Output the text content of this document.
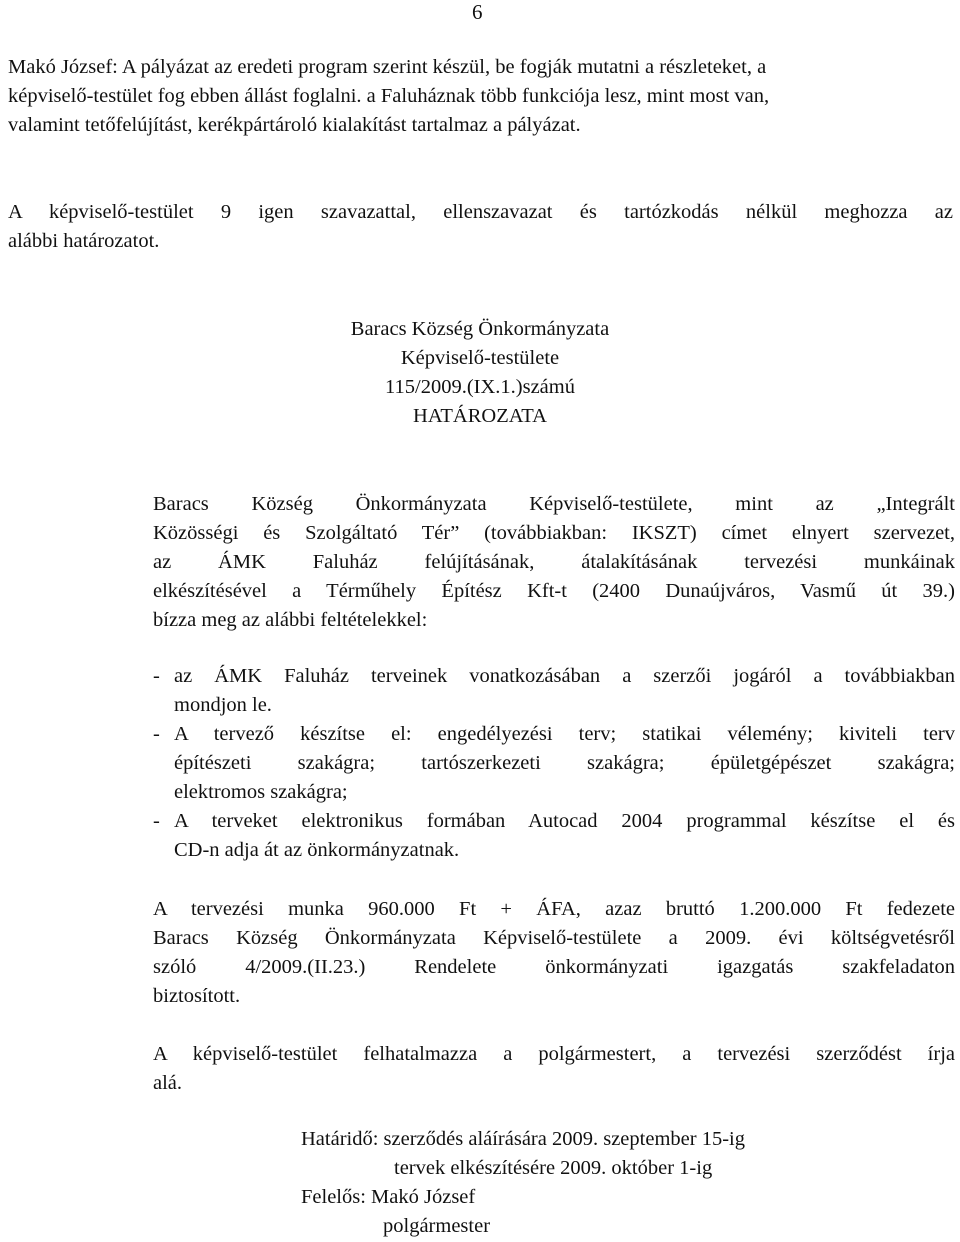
6

Makó József: A pályázat az eredeti program szerint készül, be fogják mutatni a részleteket, a
képviselő-testület fog ebben állást foglalni. a Faluháznak több funkciója lesz, mint most van,
valamint tetőfelújítást, kerékpártároló kialakítást tartalmaz a pályázat.

A képviselő-testület 9 igen szavazattal, ellenszavazat és tartózkodás nélkül meghozza az
alábbi határozatot.

Baracs Község Önkormányzata
Képviselő-testülete
115/2009.(IX.1.)számú
HATÁROZATA

Baracs Község Önkormányzata Képviselő-testülete, mint az „Integrált
Közösségi és Szolgáltató Tér” (továbbiakban: IKSZT) címet elnyert szervezet,
az ÁMK Faluház felújításának, átalakításának tervezési munkáinak
elkészítésével a Térműhely Építész Kft-t (2400 Dunaújváros, Vasmű út 39.)
bízza meg az alábbi feltételekkel:

- az ÁMK Faluház terveinek vonatkozásában a szerzői jogáról a továbbiakban
mondjon le.
- A tervező készítse el: engedélyezési terv; statikai vélemény; kiviteli terv
építészeti szakágra; tartószerkezeti szakágra; épületgépészet szakágra;
elektromos szakágra;
- A terveket elektronikus formában Autocad 2004 programmal készítse el és
CD-n adja át az önkormányzatnak.

A tervezési munka 960.000 Ft + ÁFA, azaz bruttó 1.200.000 Ft fedezete
Baracs Község Önkormányzata Képviselő-testülete a 2009. évi költségvetésről
szóló 4/2009.(II.23.) Rendelete önkormányzati igazgatás szakfeladaton
biztosított.

A képviselő-testület felhatalmazza a polgármestert, a tervezési szerződést írja
alá.

Határidő: szerződés aláírására 2009. szeptember 15-ig
tervek elkészítésére 2009. október 1-ig
Felelős: Makó József
polgármester
